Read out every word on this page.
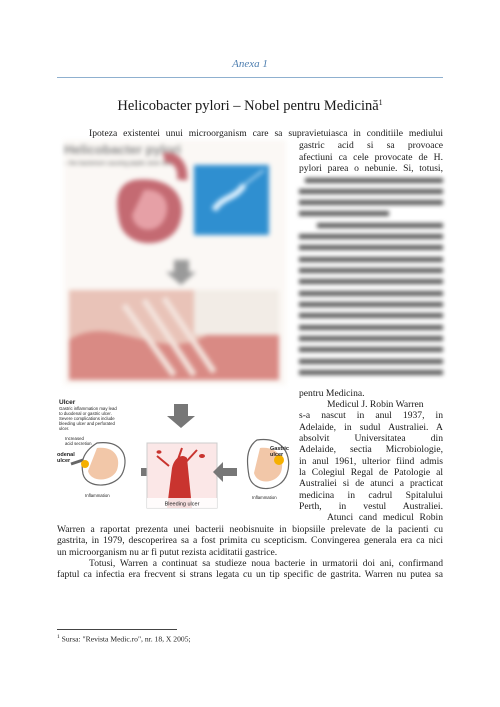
Anexa 1
Helicobacter pylori – Nobel pentru Medicină$^1$
Ipoteza existentei unui microorganism care sa supravietuiasca in conditiile mediului
gastric acid si sa provoace
afectiuni ca cele provocate de H.
pylori parea o nebunie. Si, totusi,
pentru Medicina.
Medicul J. Robin Warren
s-a nascut in anul 1937, in
Adelaide, in sudul Australiei. A
absolvit Universitatea din
Adelaide, sectia Microbiologie,
in anul 1961, ulterior fiind admis
la Colegiul Regal de Patologie al
Australiei si de atunci a practicat
medicina in cadrul Spitalului
Perth, in vestul Australiei.
Atunci cand medicul Robin
Warren a raportat prezenta unei bacterii neobisnuite in biopsiile prelevate de la pacienti cu
gastrita, in 1979, descoperirea sa a fost primita cu scepticism. Convingerea generala era ca nici
un microorganism nu ar fi putut rezista aciditatii gastrice.
Totusi, Warren a continuat sa studieze noua bacterie in urmatorii doi ani, confirmand
faptul ca infectia era frecvent si strans legata cu un tip specific de gastrita. Warren nu putea sa
Helicobacter pylori
– the bacterium causing peptic ulcer disease
Ulcer
Gastric inflammation may lead
to duodenal or gastric ulcer.
Severe complications include
bleeding ulcer and perforated
ulcer.
Increased
acid secretion
odenal
ulcer
Inflammation
Bleeding ulcer
Gastric
ulcer
Inflammation
$^1$ Sursa: "Revista Medic.ro", nr. 18, X 2005;
